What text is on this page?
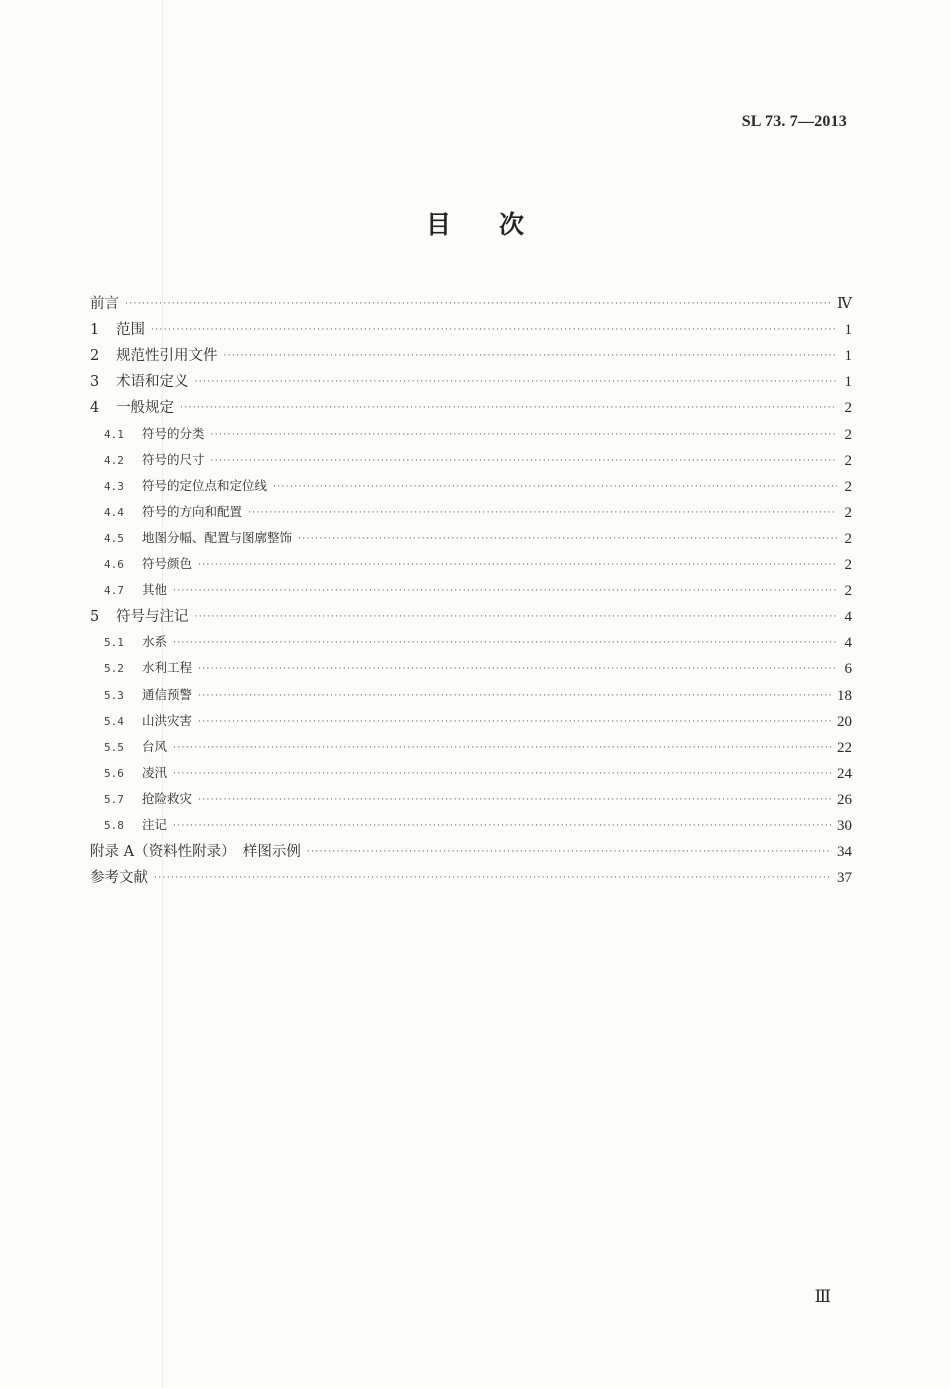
SL 73. 7—2013
目 次
前言 ·····	Ⅳ
1 范围 ·····	1
2 规范性引用文件 ·····	1
3 术语和定义 ·····	1
4 一般规定 ·····	2
4.1 符号的分类 ·····	2
4.2 符号的尺寸 ·····	2
4.3 符号的定位点和定位线 ·····	2
4.4 符号的方向和配置 ·····	2
4.5 地图分幅、配置与图廓整饰 ·····	2
4.6 符号颜色 ·····	2
4.7 其他 ·····	2
5 符号与注记 ·····	4
5.1 水系 ·····	4
5.2 水利工程 ·····	6
5.3 通信预警 ·····	18
5.4 山洪灾害 ·····	20
5.5 台风 ·····	22
5.6 凌汛 ·····	24
5.7 抢险救灾 ·····	26
5.8 注记 ·····	30
附录 A（资料性附录）　样图示例 ·····	34
参考文献 ·····	37
Ⅲ
